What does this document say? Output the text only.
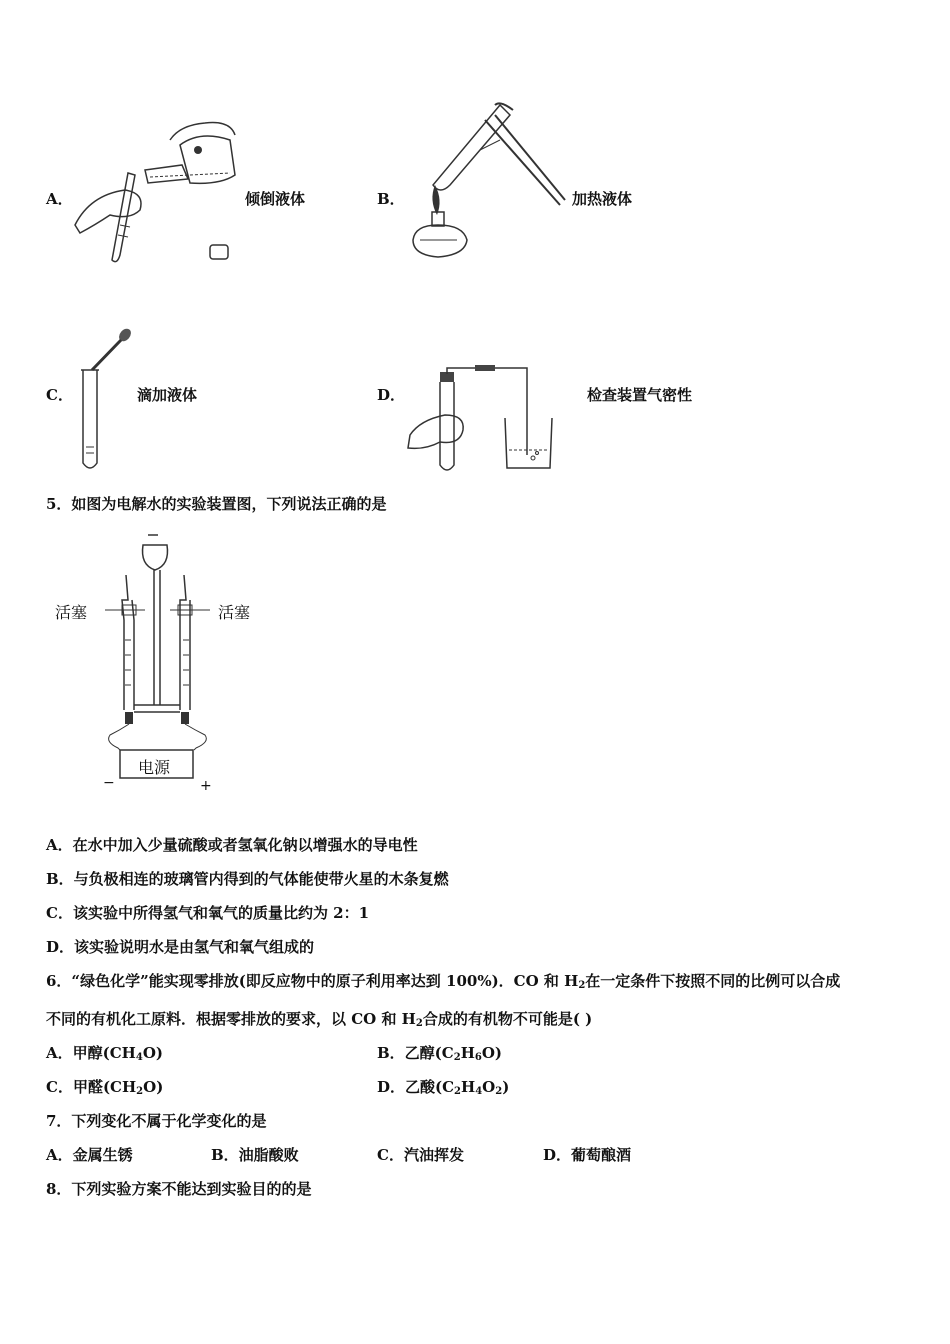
A．	倾倒液体	B．	加热液体
C．	滴加液体	D．	检查装置气密性
5．如图为电解水的实验装置图，下列说法正确的是
活塞	活塞
电源
−	+
A．在水中加入少量硫酸或者氢氧化钠以增强水的导电性
B．与负极相连的玻璃管内得到的气体能使带火星的木条复燃
C．该实验中所得氢气和氧气的质量比约为 2：1
D．该实验说明水是由氢气和氧气组成的
6．“绿色化学”能实现零排放(即反应物中的原子利用率达到 100%)．CO 和 $H_2$在一定条件下按照不同的比例可以合成
不同的有机化工原料．根据零排放的要求，以 CO 和 $H_2$合成的有机物不可能是( )
A．甲醇$(CH_4O)$	B．乙醇$(C_2H_6O)$
C．甲醛$(CH_2O)$	D．乙酸$(C_2H_4O_2)$
7．下列变化不属于化学变化的是
A．金属生锈	B．油脂酸败	C．汽油挥发	D．葡萄酿酒
8．下列实验方案不能达到实验目的的是
